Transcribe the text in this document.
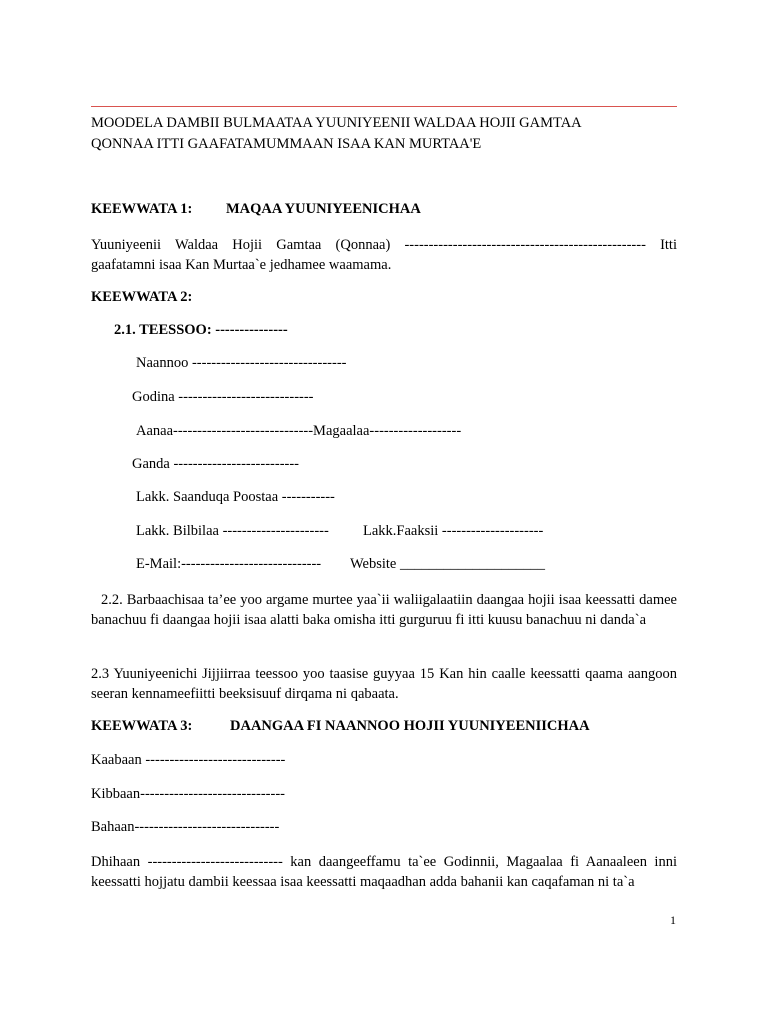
MOODELA DAMBII BULMAATAA YUUNIYEENII WALDAA HOJII GAMTAA
QONNAA ITTI GAAFATAMUMMAAN ISAA KAN MURTAA'E
KEEWWATA 1: MAQAA YUUNIYEENICHAA
Yuuniyeenii Waldaa Hojii Gamtaa (Qonnaa) -------------------------------------------------- Itti gaafatamni isaa Kan Murtaa`e jedhamee waamama.
KEEWWATA 2:
2.1. TEESSOO: ---------------
Naannoo --------------------------------
Godina ----------------------------
Aanaa-----------------------------Magaalaa-------------------
Ganda --------------------------
Lakk. Saanduqa Poostaa -----------
Lakk. Bilbilaa ---------------------- Lakk.Faaksii ---------------------
E-Mail:----------------------------- Website ____________________
2.2. Barbaachisaa ta’ee yoo argame murtee yaa`ii waliigalaatiin daangaa hojii isaa keessatti damee banachuu fi daangaa hojii isaa alatti baka omisha itti gurguruu fi itti kuusu banachuu ni danda`a
2.3 Yuuniyeenichi Jijjiirraa teessoo yoo taasise guyyaa 15 Kan hin caalle keessatti qaama aangoon seeran kennameefiitti beeksisuuf dirqama ni qabaata.
KEEWWATA 3:	DAANGAA FI NAANNOO HOJII YUUNIYEENIICHAA
Kaabaan -----------------------------
Kibbaan------------------------------
Bahaan------------------------------
Dhihaan ---------------------------- kan daangeeffamu ta`ee Godinnii, Magaalaa fi Aanaaleen inni keessatti hojjatu dambii keessaa isaa keessatti maqaadhan adda bahanii kan caqafaman ni ta`a
1
